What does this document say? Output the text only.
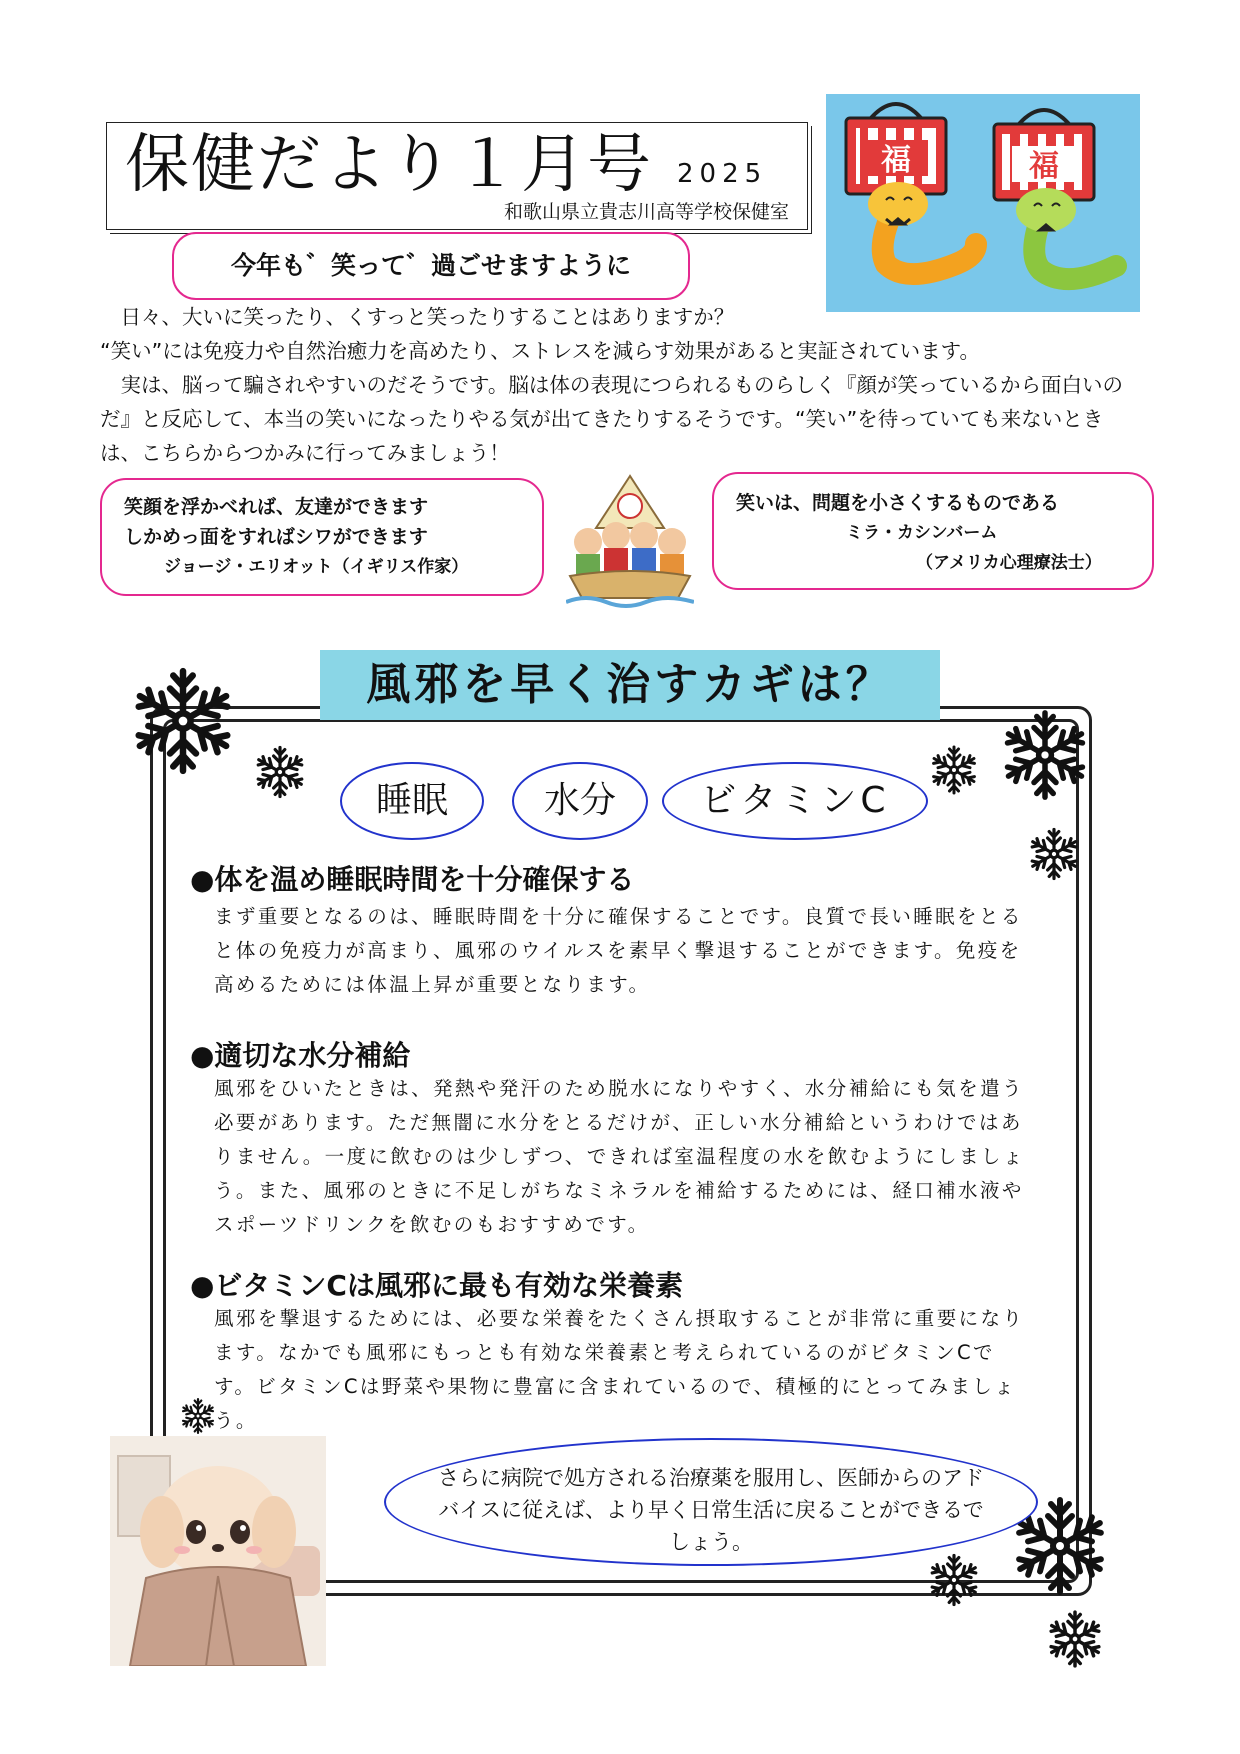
保健だより１月号 2025
和歌山県立貴志川高等学校保健室
福	福
今年も゛笑って゛過ごせますように

　日々、大いに笑ったり、くすっと笑ったりすることはありますか？

“笑い”には免疫力や自然治癒力を高めたり、ストレスを減らす効果があると実証されています。

　実は、脳って騙されやすいのだそうです。脳は体の表現につられるものらしく『顔が笑っているから面白いのだ』と反応して、本当の笑いになったりやる気が出てきたりするそうです。“笑い”を待っていても来ないときは、こちらからつかみに行ってみましょう！

笑顔を浮かべれば、友達ができます
しかめっ面をすればシワができます
ジョージ・エリオット（イギリス作家）
笑いは、問題を小さくするものである
ミラ・カシンバーム
（アメリカ心理療法士）
風邪を早く治すカギは？
睡眠	水分	ビタミンC
●体を温め睡眠時間を十分確保する
まず重要となるのは、睡眠時間を十分に確保することです。良質で長い睡眠をとると体の免疫力が高まり、風邪のウイルスを素早く撃退することができます。免疫を高めるためには体温上昇が重要となります。
●適切な水分補給
風邪をひいたときは、発熱や発汗のため脱水になりやすく、水分補給にも気を遣う必要があります。ただ無闇に水分をとるだけが、正しい水分補給というわけではありません。一度に飲むのは少しずつ、できれば室温程度の水を飲むようにしましょう。また、風邪のときに不足しがちなミネラルを補給するためには、経口補水液やスポーツドリンクを飲むのもおすすめです。
●ビタミンCは風邪に最も有効な栄養素
風邪を撃退するためには、必要な栄養をたくさん摂取することが非常に重要になります。なかでも風邪にもっとも有効な栄養素と考えられているのがビタミンCです。ビタミンCは野菜や果物に豊富に含まれているので、積極的にとってみましょう。
さらに病院で処方される治療薬を服用し、医師からのアドバイスに従えば、より早く日常生活に戻ることができるでしょう。
